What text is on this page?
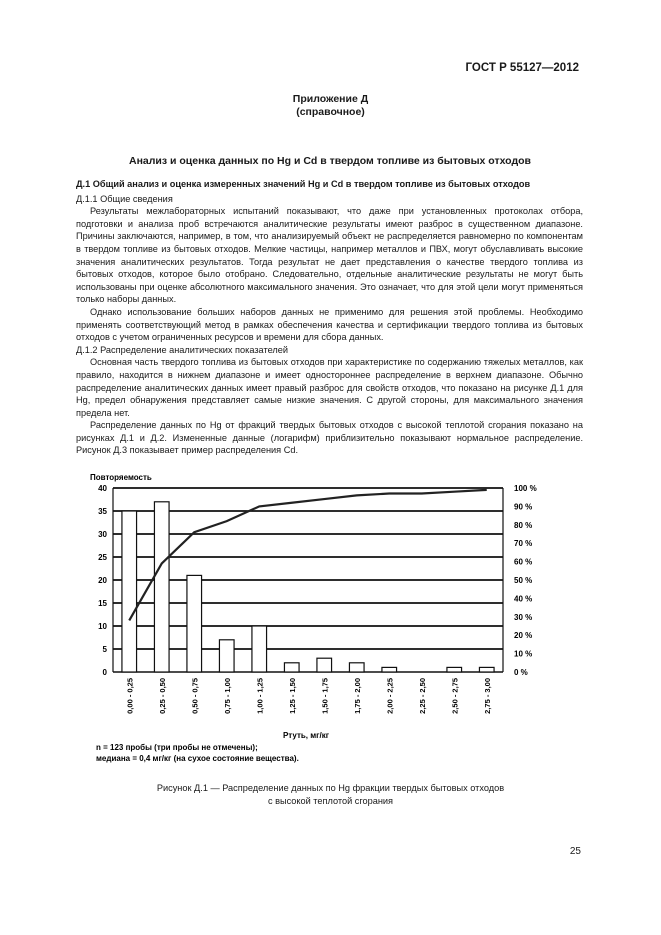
ГОСТ Р 55127—2012
Приложение Д
(справочное)
Анализ и оценка данных по Hg и Cd в твердом топливе из бытовых отходов

Д.1 Общий анализ и оценка измеренных значений Hg и Cd в твердом топливе из бытовых отходов

Д.1.1 Общие сведения

Результаты межлабораторных испытаний показывают, что даже при установленных протоколах отбора, подготовки и анализа проб встречаются аналитические результаты имеют разброс в существенном диапазоне. Причины заключаются, например, в том, что анализируемый объект не распределяется равномерно по компонентам в твердом топливе из бытовых отходов. Мелкие частицы, например металлов и ПВХ, могут обуславливать высокие значения аналитических результатов. Тогда результат не дает представления о качестве твердого топлива из бытовых отходов, которое было отобрано. Следовательно, отдельные аналитические результаты не могут быть использованы при оценке абсолютного максимального значения. Это означает, что для этой цели могут применяться только наборы данных.

Однако использование больших наборов данных не применимо для решения этой проблемы. Необходимо применять соответствующий метод в рамках обеспечения качества и сертификации твердого топлива из бытовых отходов с учетом ограниченных ресурсов и времени для сбора данных.

Д.1.2 Распределение аналитических показателей

Основная часть твердого топлива из бытовых отходов при характеристике по содержанию тяжелых металлов, как правило, находится в нижнем диапазоне и имеет одностороннее распределение в верхнем диапазоне. Обычно распределение аналитических данных имеет правый разброс для свойств отходов, что показано на рисунке Д.1 для Hg, предел обнаружения представляет самые низкие значения. С другой стороны, для максимального значения предела нет.

Распределение данных по Hg от фракций твердых бытовых отходов с высокой теплотой сгорания показано на рисунках Д.1 и Д.2. Измененные данные (логарифм) приблизительно показывают нормальное распределение. Рисунок Д.3 показывает пример распределения Cd.

Повторяемость
0
5
10
15
20
25
30
35
40
0 %
10 %
20 %
30 %
40 %
50 %
60 %
70 %
80 %
90 %
100 %
0,00 - 0,25	0,25 - 0,50	0,50 - 0,75	0,75 - 1,00	1,00 - 1,25	1,25 - 1,50	1,50 - 1,75	1,75 - 2,00	2,00 - 2,25	2,25 - 2,50	2,50 - 2,75	2,75 - 3,00
Ртуть, мг/кг
n = 123 пробы (три пробы не отмечены);
медиана = 0,4 мг/кг (на сухое состояние вещества).
Рисунок Д.1 — Распределение данных по Hg фракции твердых бытовых отходов
с высокой теплотой сгорания
25
